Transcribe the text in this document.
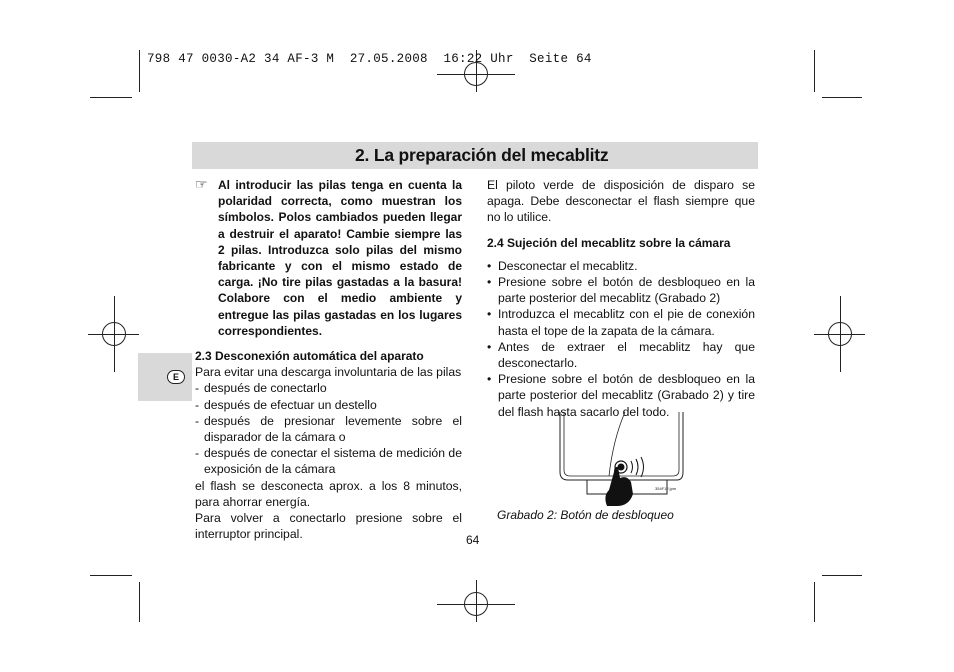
798 47 0030-A2 34 AF-3 M  27.05.2008  16:22 Uhr  Seite 64
2. La preparación del mecablitz
E
☞ Al introducir las pilas tenga en cuenta la polaridad correcta, como muestran los símbolos. Polos cambiados pueden llegar a destruir el aparato! Cambie siempre las 2 pilas. Introduzca solo pilas del mismo fabricante y con el mismo estado de carga. ¡No tire pilas gastadas a la basura! Colabore con el medio ambiente y entregue las pilas gastadas en los lugares correspondientes.
2.3 Desconexión automática del aparato
Para evitar una descarga involuntaria de las pilas
- después de conectarlo
- después de efectuar un destello
- después de presionar levemente sobre el disparador de la cámara o
- después de conectar el sistema de medición de exposición de la cámara
el flash se desconecta aprox. a los 8 minutos, para ahorrar energía.
Para volver a conectarlo presione sobre el interruptor principal.
El piloto verde de disposición de disparo se apaga. Debe desconectar el flash siempre que no lo utilice.
2.4 Sujeción del mecablitz sobre la cámara
• Desconectar el mecablitz.
• Presione sobre el botón de desbloqueo en la parte posterior del mecablitz (Grabado 2)
• Introduzca el mecablitz con el pie de conexión hasta el tope de la zapata de la cámara.
• Antes de extraer el mecablitz hay que desconectarlo.
• Presione sobre el botón de desbloqueo en la parte posterior del mecablitz (Grabado 2) y tire del flash hasta sacarlo del todo.
354F12.jpm
Grabado 2: Botón de desbloqueo
64
